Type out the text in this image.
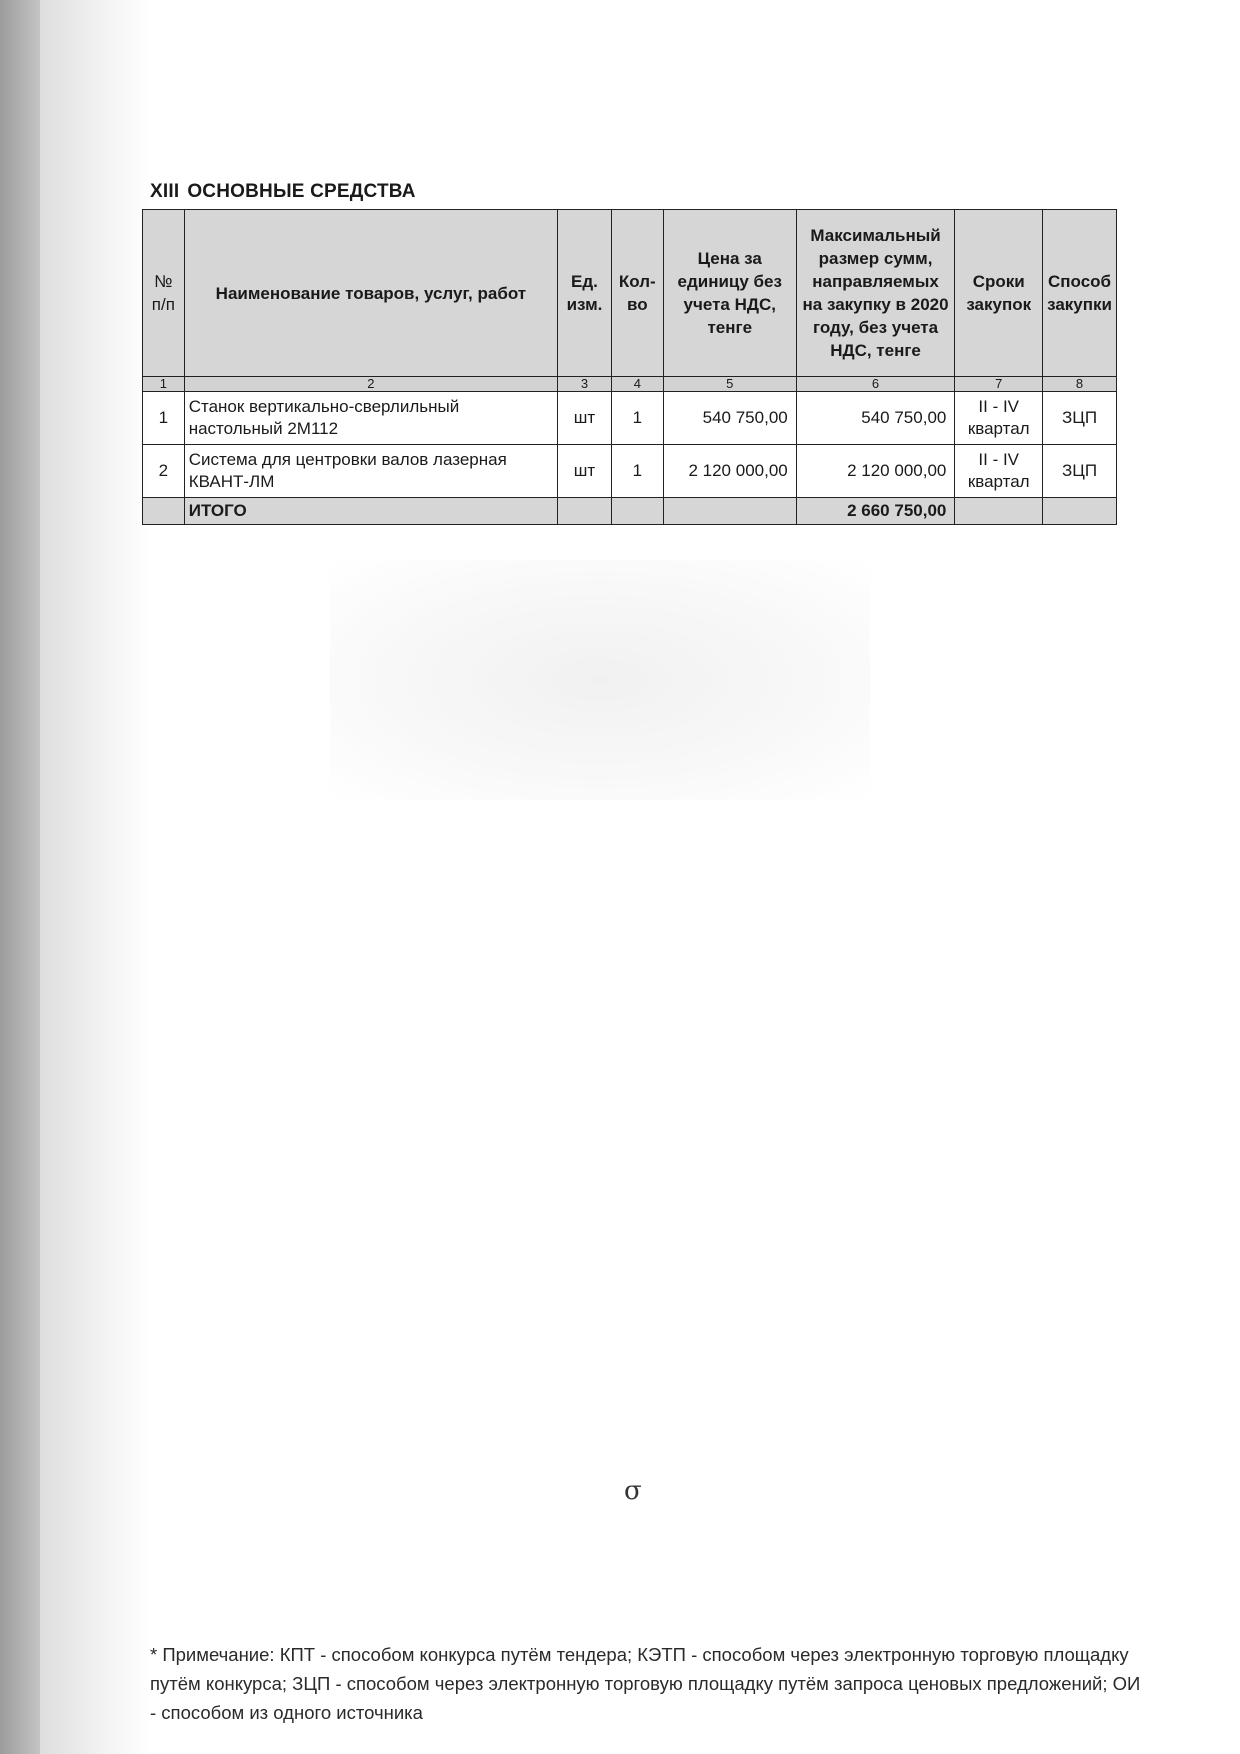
XIII ОСНОВНЫЕ СРЕДСТВА
№ п/п	Наименование товаров, услуг, работ	Ед. изм.	Кол-во	Цена за единицу без учета НДС, тенге	Максимальный размер сумм, направляемых на закупку в 2020 году, без учета НДС, тенге	Сроки закупок	Способ закупки
1	2	3	4	5	6	7	8
1	Станок вертикально-сверлильный настольный 2М112	шт	1	540 750,00	540 750,00	II - IV квартал	ЗЦП
2	Система для центровки валов лазерная КВАНТ-ЛМ	шт	1	2 120 000,00	2 120 000,00	II - IV квартал	ЗЦП
	ИТОГО				2 660 750,00		
σ
* Примечание: КПТ - способом конкурса путём тендера; КЭТП - способом через электронную торговую площадку путём конкурса; ЗЦП - способом через электронную торговую площадку путём запроса ценовых предложений; ОИ - способом из одного источника
